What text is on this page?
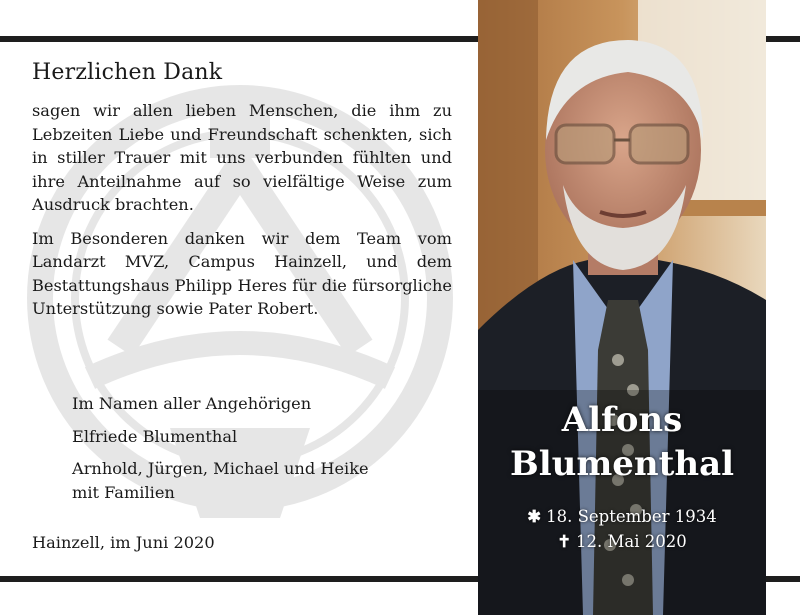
Herzlichen Dank

sagen wir allen lieben Menschen, die ihm zu Lebzeiten Liebe und Freundschaft schenkten, sich in stiller Trauer mit uns verbunden fühlten und ihre Anteilnahme auf so vielfältige Weise zum Ausdruck brachten.

Im Besonderen danken wir dem Team vom Landarzt MVZ, Campus Hainzell, und dem Bestattungshaus Philipp Heres für die fürsorgliche Unterstützung sowie Pater Robert.

Im Namen aller Angehörigen

Elfriede Blumenthal

Arnhold, Jürgen, Michael und Heike

mit Familien

Hainzell, im Juni 2020
Alfons
Blumenthal
✱ 18. September 1934
✝ 12. Mai 2020
